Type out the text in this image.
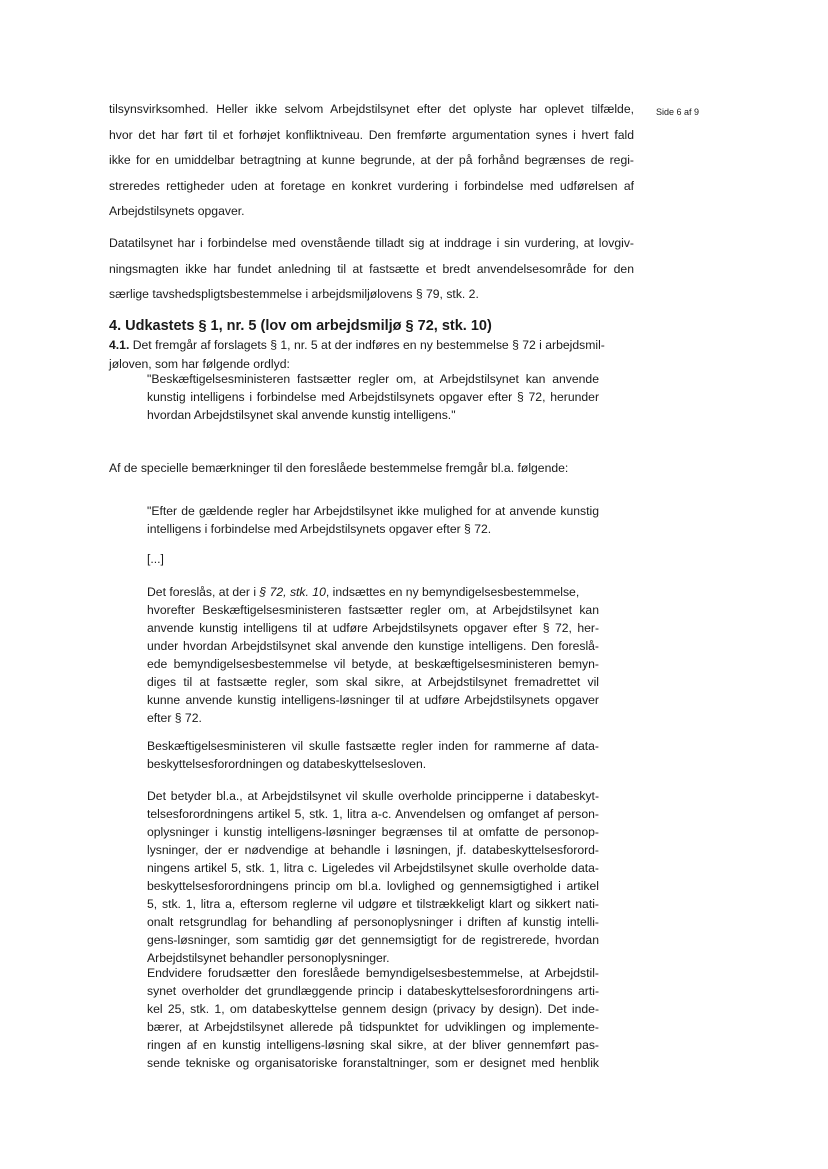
Side 6 af 9
tilsynsvirksomhed. Heller ikke selvom Arbejdstilsynet efter det oplyste har oplevet tilfælde,
hvor det har ført til et forhøjet konfliktniveau. Den fremførte argumentation synes i hvert fald
ikke for en umiddelbar betragtning at kunne begrunde, at der på forhånd begrænses de regi-
streredes rettigheder uden at foretage en konkret vurdering i forbindelse med udførelsen af
Arbejdstilsynets opgaver.
Datatilsynet har i forbindelse med ovenstående tilladt sig at inddrage i sin vurdering, at lovgiv-
ningsmagten ikke har fundet anledning til at fastsætte et bredt anvendelsesområde for den
særlige tavshedspligtsbestemmelse i arbejdsmiljølovens § 79, stk. 2.
4. Udkastets § 1, nr. 5 (lov om arbejdsmiljø § 72, stk. 10)
4.1. Det fremgår af forslagets § 1, nr. 5 at der indføres en ny bestemmelse § 72 i arbejdsmil-
jøloven, som har følgende ordlyd:
"Beskæftigelsesministeren fastsætter regler om, at Arbejdstilsynet kan anvende
kunstig intelligens i forbindelse med Arbejdstilsynets opgaver efter § 72, herunder
hvordan Arbejdstilsynet skal anvende kunstig intelligens."
Af de specielle bemærkninger til den foreslåede bestemmelse fremgår bl.a. følgende:
"Efter de gældende regler har Arbejdstilsynet ikke mulighed for at anvende kunstig
intelligens i forbindelse med Arbejdstilsynets opgaver efter § 72.
[...]
Det foreslås, at der i § 72, stk. 10, indsættes en ny bemyndigelsesbestemmelse,
hvorefter Beskæftigelsesministeren fastsætter regler om, at Arbejdstilsynet kan
anvende kunstig intelligens til at udføre Arbejdstilsynets opgaver efter § 72, her-
under hvordan Arbejdstilsynet skal anvende den kunstige intelligens. Den foreslå-
ede bemyndigelsesbestemmelse vil betyde, at beskæftigelsesministeren bemyn-
diges til at fastsætte regler, som skal sikre, at Arbejdstilsynet fremadrettet vil
kunne anvende kunstig intelligens-løsninger til at udføre Arbejdstilsynets opgaver
efter § 72.
Beskæftigelsesministeren vil skulle fastsætte regler inden for rammerne af data-
beskyttelsesforordningen og databeskyttelsesloven.
Det betyder bl.a., at Arbejdstilsynet vil skulle overholde principperne i databeskyt-
telsesforordningens artikel 5, stk. 1, litra a-c. Anvendelsen og omfanget af person-
oplysninger i kunstig intelligens-løsninger begrænses til at omfatte de personop-
lysninger, der er nødvendige at behandle i løsningen, jf. databeskyttelsesforord-
ningens artikel 5, stk. 1, litra c. Ligeledes vil Arbejdstilsynet skulle overholde data-
beskyttelsesforordningens princip om bl.a. lovlighed og gennemsigtighed i artikel
5, stk. 1, litra a, eftersom reglerne vil udgøre et tilstrækkeligt klart og sikkert nati-
onalt retsgrundlag for behandling af personoplysninger i driften af kunstig intelli-
gens-løsninger, som samtidig gør det gennemsigtigt for de registrerede, hvordan
Arbejdstilsynet behandler personoplysninger.
Endvidere forudsætter den foreslåede bemyndigelsesbestemmelse, at Arbejdstil-
synet overholder det grundlæggende princip i databeskyttelsesforordningens arti-
kel 25, stk. 1, om databeskyttelse gennem design (privacy by design). Det inde-
bærer, at Arbejdstilsynet allerede på tidspunktet for udviklingen og implemente-
ringen af en kunstig intelligens-løsning skal sikre, at der bliver gennemført pas-
sende tekniske og organisatoriske foranstaltninger, som er designet med henblik
